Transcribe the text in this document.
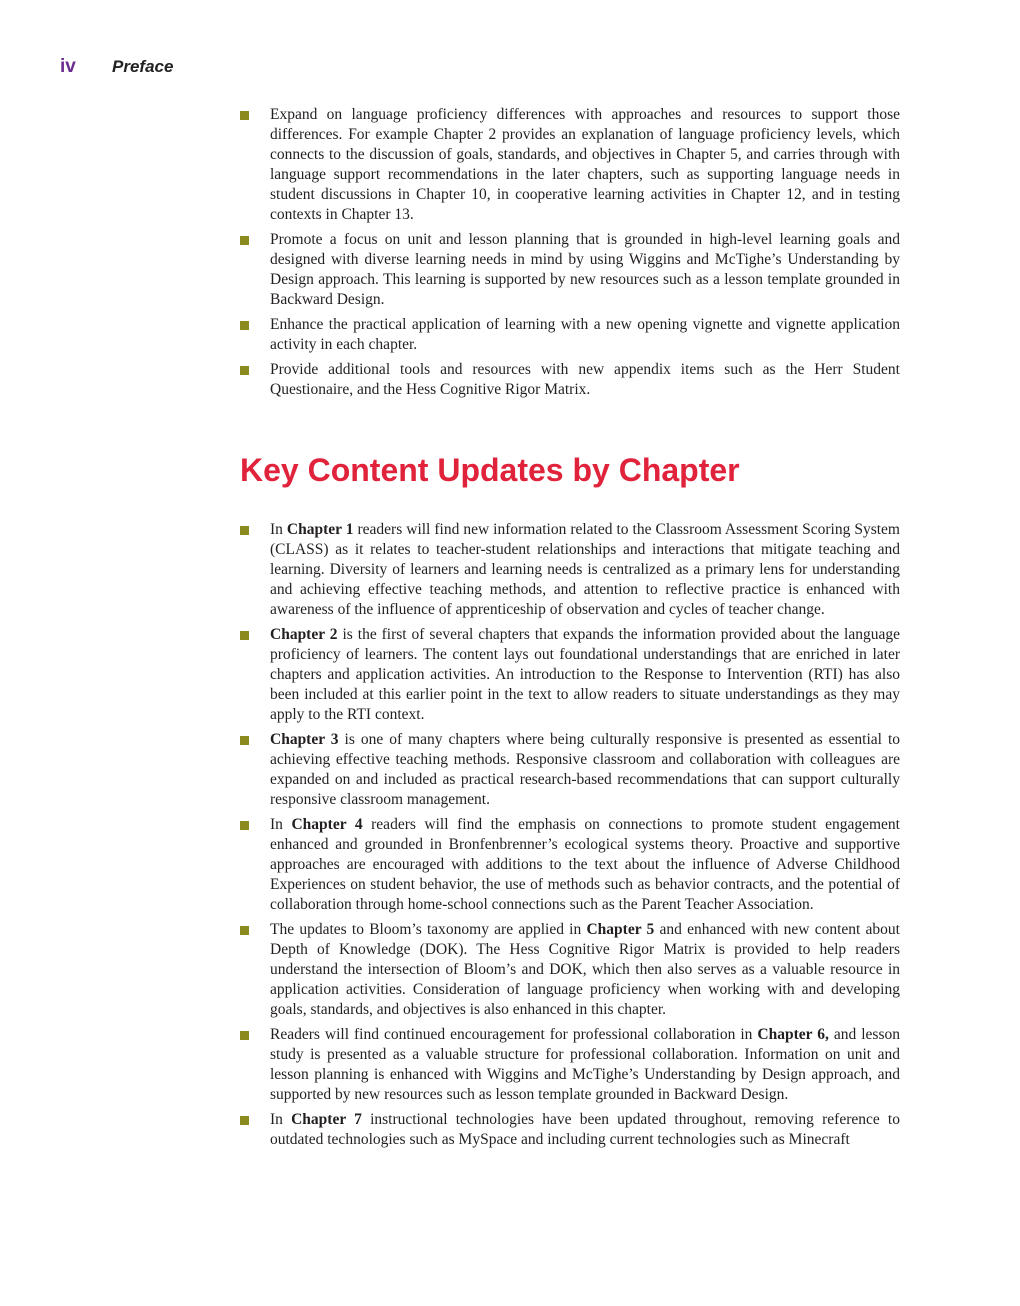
iv	Preface
Expand on language proficiency differences with approaches and resources to support those differences. For example Chapter 2 provides an explanation of language proficiency levels, which connects to the discussion of goals, standards, and objectives in Chapter 5, and carries through with language support recommendations in the later chapters, such as supporting language needs in student discussions in Chapter 10, in cooperative learning activities in Chapter 12, and in testing contexts in Chapter 13.
Promote a focus on unit and lesson planning that is grounded in high-level learning goals and designed with diverse learning needs in mind by using Wiggins and McTighe’s Understanding by Design approach. This learning is supported by new resources such as a lesson template grounded in Backward Design.
Enhance the practical application of learning with a new opening vignette and vignette application activity in each chapter.
Provide additional tools and resources with new appendix items such as the Herr Student Questionaire, and the Hess Cognitive Rigor Matrix.
Key Content Updates by Chapter
In Chapter 1 readers will find new information related to the Classroom Assessment Scoring System (CLASS) as it relates to teacher-student relationships and interactions that mitigate teaching and learning. Diversity of learners and learning needs is centralized as a primary lens for understanding and achieving effective teaching methods, and attention to reflective practice is enhanced with awareness of the influence of apprenticeship of observation and cycles of teacher change.
Chapter 2 is the first of several chapters that expands the information provided about the language proficiency of learners. The content lays out foundational understandings that are enriched in later chapters and application activities. An introduction to the Response to Intervention (RTI) has also been included at this earlier point in the text to allow readers to situate understandings as they may apply to the RTI context.
Chapter 3 is one of many chapters where being culturally responsive is presented as essential to achieving effective teaching methods. Responsive classroom and collaboration with colleagues are expanded on and included as practical research-based recommendations that can support culturally responsive classroom management.
In Chapter 4 readers will find the emphasis on connections to promote student engagement enhanced and grounded in Bronfenbrenner’s ecological systems theory. Proactive and supportive approaches are encouraged with additions to the text about the influence of Adverse Childhood Experiences on student behavior, the use of methods such as behavior contracts, and the potential of collaboration through home-school connections such as the Parent Teacher Association.
The updates to Bloom’s taxonomy are applied in Chapter 5 and enhanced with new content about Depth of Knowledge (DOK). The Hess Cognitive Rigor Matrix is provided to help readers understand the intersection of Bloom’s and DOK, which then also serves as a valuable resource in application activities. Consideration of language proficiency when working with and developing goals, standards, and objectives is also enhanced in this chapter.
Readers will find continued encouragement for professional collaboration in Chapter 6, and lesson study is presented as a valuable structure for professional collaboration. Information on unit and lesson planning is enhanced with Wiggins and McTighe’s Understanding by Design approach, and supported by new resources such as lesson template grounded in Backward Design.
In Chapter 7 instructional technologies have been updated throughout, removing reference to outdated technologies such as MySpace and including current technologies such as Minecraft
